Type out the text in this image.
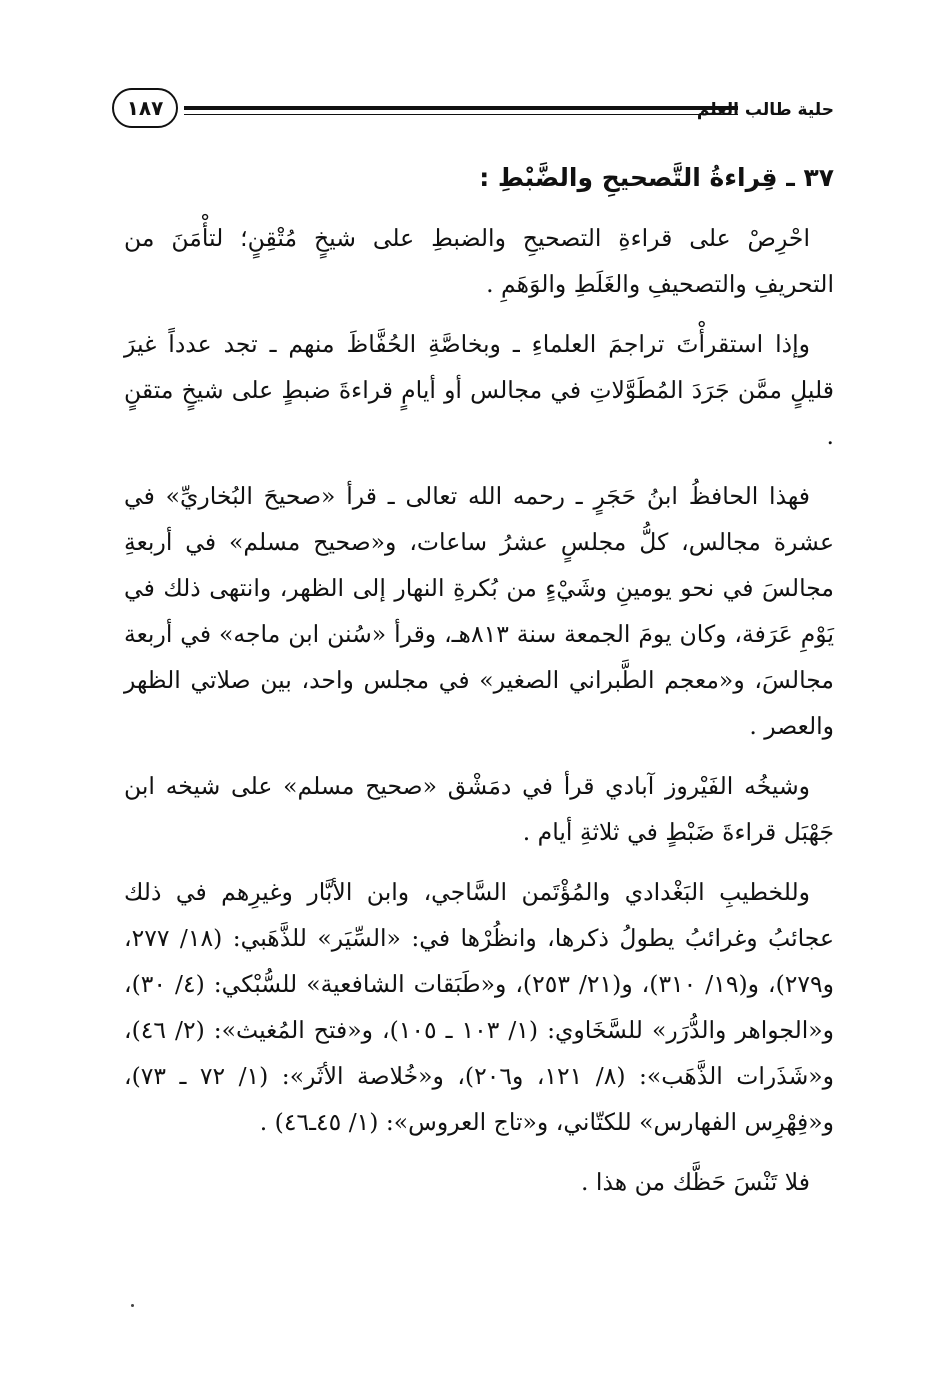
حلية طالب العلم
١٨٧
٣٧ ـ قِراءةُ التَّصحيحِ والضَّبْطِ :

احْرِصْ على قراءةِ التصحيحِ والضبطِ على شيخٍ مُتْقِنٍ؛ لتأْمَنَ من التحريفِ والتصحيفِ والغَلَطِ والوَهَمِ .

وإذا استقرأْتَ تراجمَ العلماءِ ـ وبخاصَّةِ الحُفَّاظَ منهم ـ تجد عدداً غيرَ قليلٍ ممَّن جَرَدَ المُطَوَّلاتِ في مجالس أو أيامٍ قراءةَ ضبطٍ على شيخٍ متقنٍ .

فهذا الحافظُ ابنُ حَجَرٍ ـ رحمه الله تعالى ـ قرأ «صحيحَ البُخاريِّ» في عشرة مجالس، كلُّ مجلسٍ عشرُ ساعات، و«صحيح مسلم» في أربعةِ مجالسَ في نحو يومينِ وشَيْءٍ من بُكرةِ النهار إلى الظهر، وانتهى ذلك في يَوْمِ عَرَفة، وكان يومَ الجمعة سنة ٨١٣هـ، وقرأ «سُنن ابن ماجه» في أربعة مجالسَ، و«معجم الطَّبراني الصغير» في مجلس واحد، بين صلاتي الظهر والعصر .

وشيخُه الفَيْروز آبادي قرأ في دمَشْق «صحيح مسلم» على شيخه ابن جَهْبَل قراءةَ ضَبْطٍ في ثلاثةِ أيام .

وللخطيبِ البَغْدادي والمُؤْتَمن السَّاجي، وابن الأبَّار وغيرِهم في ذلك عجائبُ وغرائبُ يطولُ ذكرها، وانظُرْها في: «السِّيَر» للذَّهَبي: (١٨/ ٢٧٧، و٢٧٩)، و(١٩/ ٣١٠)، و(٢١/ ٢٥٣)، و«طَبَقات الشافعية» للسُّبْكي: (٤/ ٣٠)، و«الجواهر والدُّرَر» للسَّخَاوي: (١/ ١٠٣ ـ ١٠٥)، و«فتح المُغيث»: (٢/ ٤٦)، و«شَذَرات الذَّهَب»: (٨/ ١٢١، و٢٠٦)، و«خُلاصة الأثَر»: (١/ ٧٢ ـ ٧٣)، و«فِهْرِس الفهارس» للكتّاني، و«تاج العروس»: (١/ ٤٥ـ٤٦) .

فلا تَنْسَ حَظَّك من هذا .
